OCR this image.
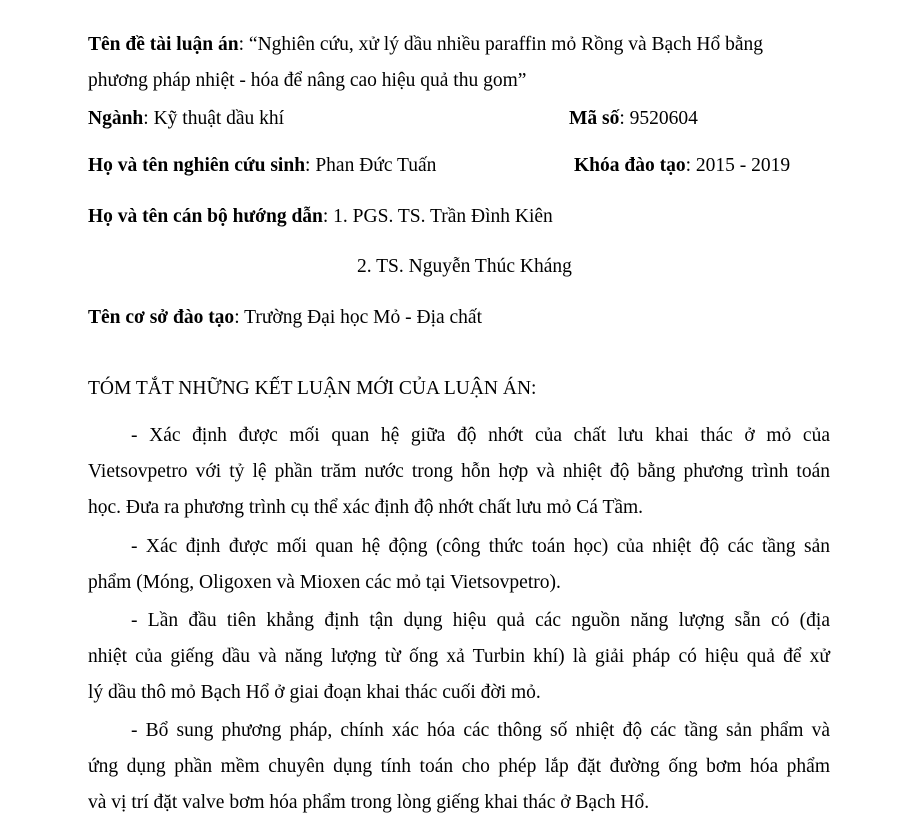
Tên đề tài luận án: “Nghiên cứu, xử lý dầu nhiều paraffin mỏ Rồng và Bạch Hổ bằng
phương pháp nhiệt - hóa để nâng cao hiệu quả thu gom”
Ngành: Kỹ thuật dầu khí	Mã số: 9520604
Họ và tên nghiên cứu sinh: Phan Đức Tuấn	Khóa đào tạo: 2015 - 2019
Họ và tên cán bộ hướng dẫn: 1. PGS. TS. Trần Đình Kiên
2. TS. Nguyễn Thúc Kháng
Tên cơ sở đào tạo: Trường Đại học Mỏ - Địa chất
TÓM TẮT NHỮNG KẾT LUẬN MỚI CỦA LUẬN ÁN:
- Xác định được mối quan hệ giữa độ nhớt của chất lưu khai thác ở mỏ của
Vietsovpetro với tỷ lệ phần trăm nước trong hỗn hợp và nhiệt độ bằng phương trình toán
học. Đưa ra phương trình cụ thể xác định độ nhớt chất lưu mỏ Cá Tầm.
- Xác định được mối quan hệ động (công thức toán học) của nhiệt độ các tầng sản
phẩm (Móng, Oligoxen và Mioxen các mỏ tại Vietsovpetro).
- Lần đầu tiên khẳng định tận dụng hiệu quả các nguồn năng lượng sẵn có (địa
nhiệt của giếng dầu và năng lượng từ ống xả Turbin khí) là giải pháp có hiệu quả để xử
lý dầu thô mỏ Bạch Hổ ở giai đoạn khai thác cuối đời mỏ.
- Bổ sung phương pháp, chính xác hóa các thông số nhiệt độ các tầng sản phẩm và
ứng dụng phần mềm chuyên dụng tính toán cho phép lắp đặt đường ống bơm hóa phẩm
và vị trí đặt valve bơm hóa phẩm trong lòng giếng khai thác ở Bạch Hổ.
